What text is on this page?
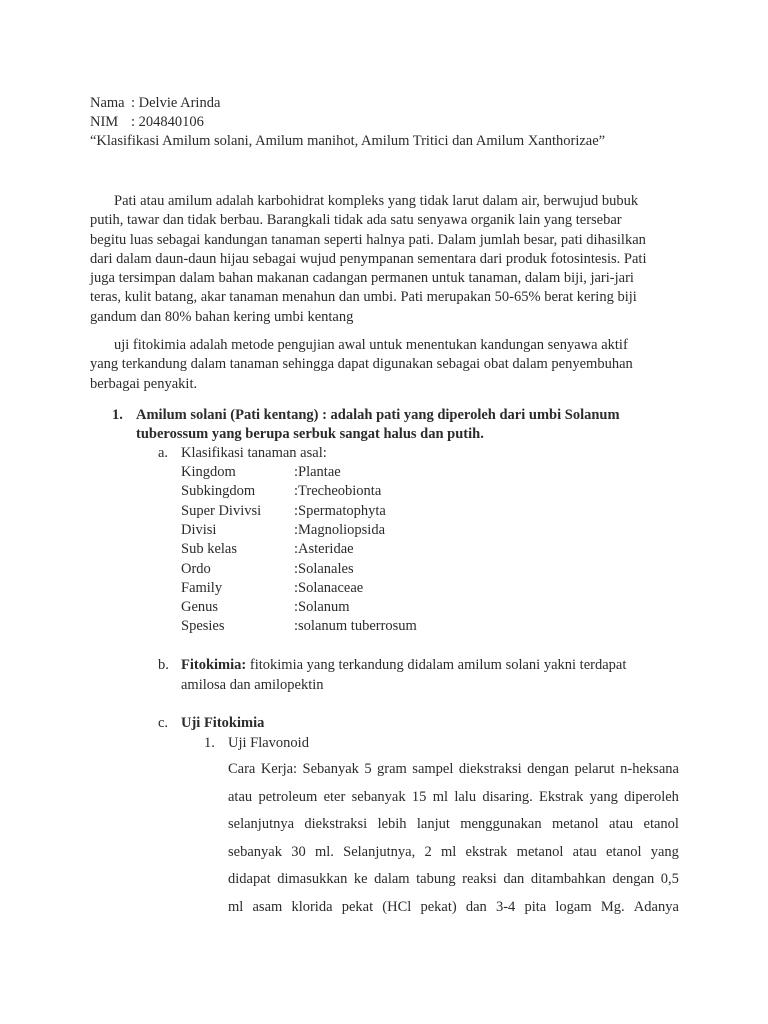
Nama : Delvie Arinda
NIM : 204840106
“Klasifikasi Amilum solani, Amilum manihot, Amilum Tritici dan Amilum Xanthorizae”

Pati atau amilum adalah karbohidrat kompleks yang tidak larut dalam air, berwujud bubuk

putih, tawar dan tidak berbau. Barangkali tidak ada satu senyawa organik lain yang tersebar

begitu luas sebagai kandungan tanaman seperti halnya pati. Dalam jumlah besar, pati dihasilkan

dari dalam daun-daun hijau sebagai wujud penympanan sementara dari produk fotosintesis. Pati

juga tersimpan dalam bahan makanan cadangan permanen untuk tanaman, dalam biji, jari-jari

teras, kulit batang, akar tanaman menahun dan umbi. Pati merupakan 50-65% berat kering biji

gandum dan 80% bahan kering umbi kentang

uji fitokimia adalah metode pengujian awal untuk menentukan kandungan senyawa aktif

yang terkandung dalam tanaman sehingga dapat digunakan sebagai obat dalam penyembuhan

berbagai penyakit.

1. Amilum solani (Pati kentang) : adalah pati yang diperoleh dari umbi Solanum
tuberossum yang berupa serbuk sangat halus dan putih.
a. Klasifikasi tanaman asal:
Kingdom	:Plantae
Subkingdom	:Trecheobionta
Super Divivsi :Spermatophyta
Divisi	:Magnoliopsida
Sub kelas	:Asteridae
Ordo	:Solanales
Family	:Solanaceae
Genus	:Solanum
Spesies	:solanum tuberrosum
b. Fitokimia: fitokimia yang terkandung didalam amilum solani yakni terdapat
amilosa dan amilopektin
c. Uji Fitokimia
1. Uji Flavonoid

Cara Kerja: Sebanyak 5 gram sampel diekstraksi dengan pelarut n-heksana

atau petroleum eter sebanyak 15 ml lalu disaring. Ekstrak yang diperoleh

selanjutnya diekstraksi lebih lanjut menggunakan metanol atau etanol

sebanyak 30 ml. Selanjutnya, 2 ml ekstrak metanol atau etanol yang

didapat dimasukkan ke dalam tabung reaksi dan ditambahkan dengan 0,5

ml asam klorida pekat (HCl pekat) dan 3-4 pita logam Mg. Adanya
